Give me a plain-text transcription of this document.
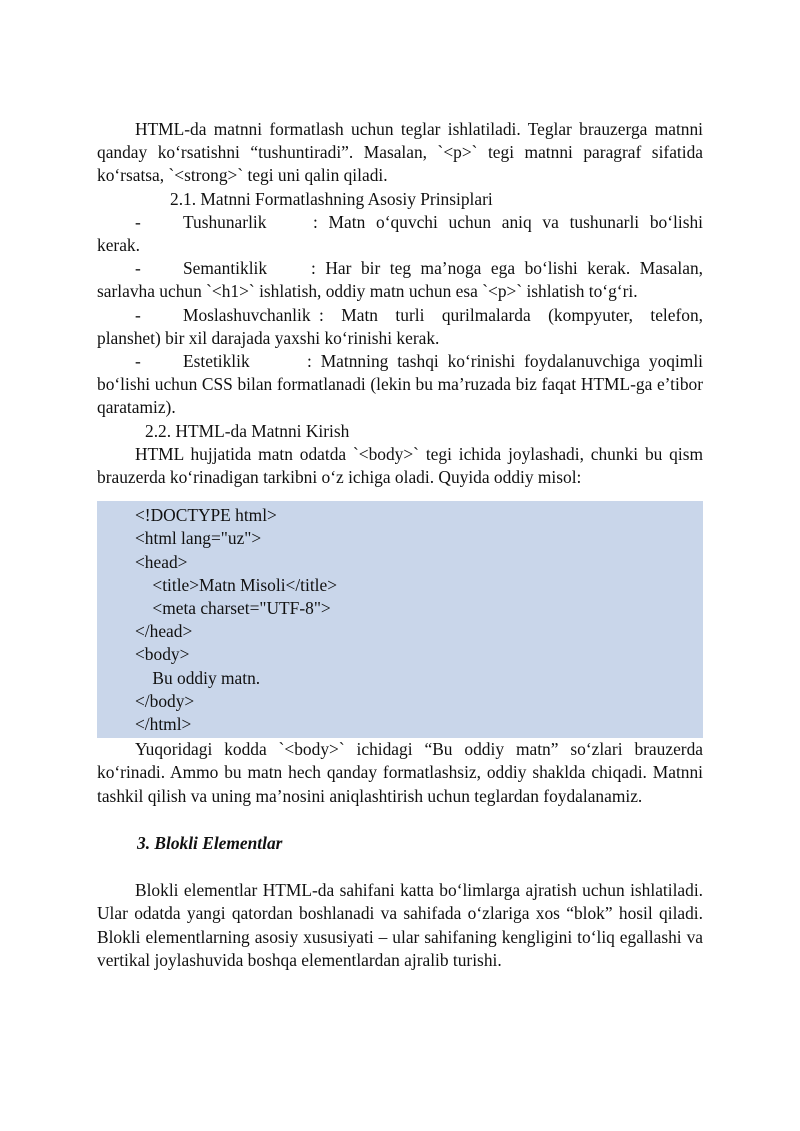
HTML-da matnni formatlash uchun teglar ishlatiladi. Teglar brauzerga matnni qanday ko‘rsatishni “tushuntiradi”. Masalan, `<p>` tegi matnni paragraf sifatida ko‘rsatsa, `<strong>` tegi uni qalin qiladi.

2.1. Matnni Formatlashning Asosiy Prinsiplari

- Tushunarlik	: Matn o‘quvchi uchun aniq va tushunarli bo‘lishi kerak.

- Semantiklik	: Har bir teg ma’noga ega bo‘lishi kerak. Masalan, sarlavha uchun `<h1>` ishlatish, oddiy matn uchun esa `<p>` ishlatish to‘g‘ri.

- Moslashuvchanlik : Matn turli qurilmalarda (kompyuter, telefon, planshet) bir xil darajada yaxshi ko‘rinishi kerak.

- Estetiklik	: Matnning tashqi ko‘rinishi foydalanuvchiga yoqimli bo‘lishi uchun CSS bilan formatlanadi (lekin bu ma’ruzada biz faqat HTML-ga e’tibor qaratamiz).

2.2. HTML-da Matnni Kirish

HTML hujjatida matn odatda `<body>` tegi ichida joylashadi, chunki bu qism brauzerda ko‘rinadigan tarkibni o‘z ichiga oladi. Quyida oddiy misol:

<!DOCTYPE html>
<html lang="uz">
<head>
<title>Matn Misoli</title>
<meta charset="UTF-8">
</head>
<body>
Bu oddiy matn.
</body>
</html>

Yuqoridagi kodda `<body>` ichidagi “Bu oddiy matn” so‘zlari brauzerda ko‘rinadi. Ammo bu matn hech qanday formatlashsiz, oddiy shaklda chiqadi. Matnni tashkil qilish va uning ma’nosini aniqlashtirish uchun teglardan foydalanamiz.

3. Blokli Elementlar

Blokli elementlar HTML-da sahifani katta bo‘limlarga ajratish uchun ishlatiladi. Ular odatda yangi qatordan boshlanadi va sahifada o‘zlariga xos “blok” hosil qiladi. Blokli elementlarning asosiy xususiyati – ular sahifaning kengligini to‘liq egallashi va vertikal joylashuvida boshqa elementlardan ajralib turishi.
